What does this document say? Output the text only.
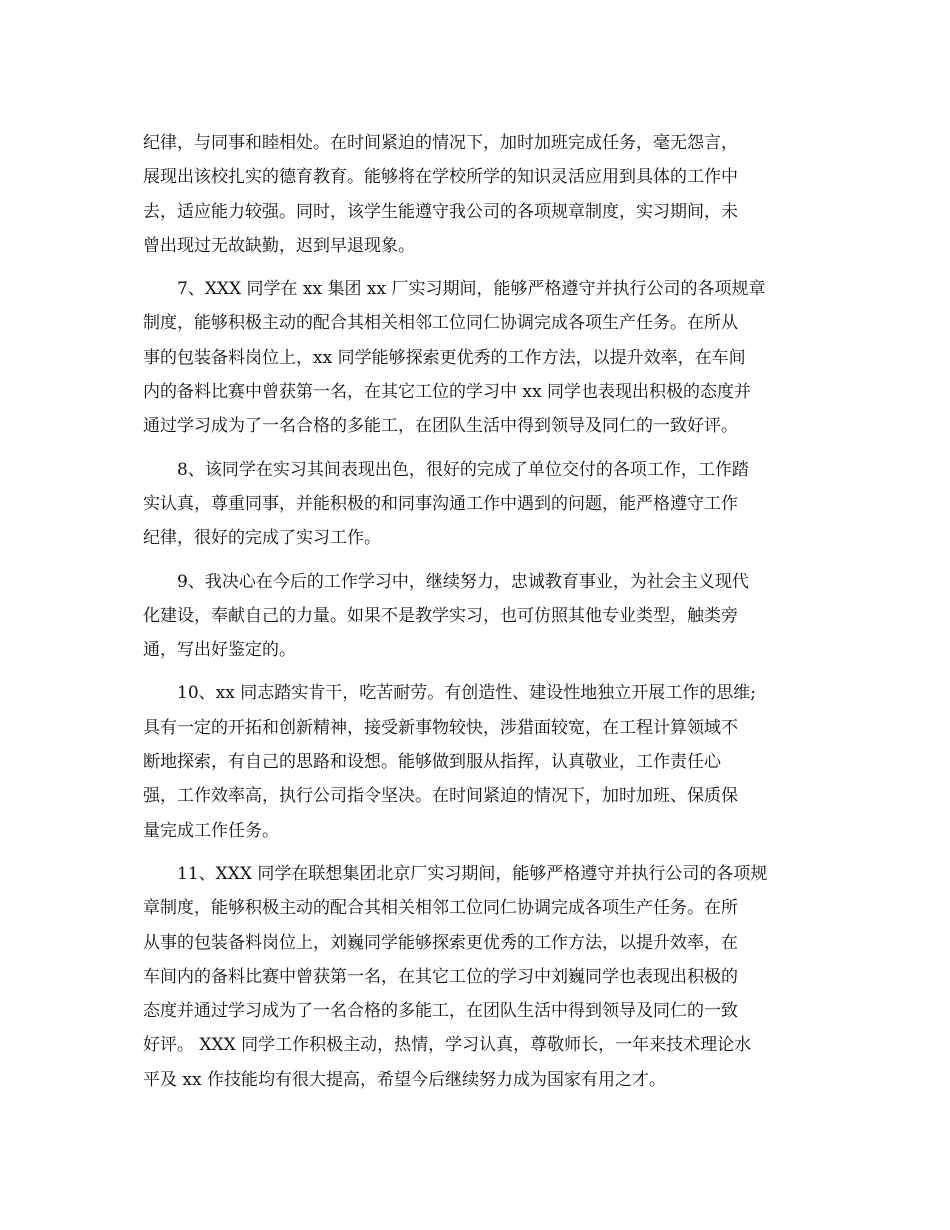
纪律，与同事和睦相处。在时间紧迫的情况下，加时加班完成任务，毫无怨言，
展现出该校扎实的德育教育。能够将在学校所学的知识灵活应用到具体的工作中
去，适应能力较强。同时，该学生能遵守我公司的各项规章制度，实习期间，未
曾出现过无故缺勤，迟到早退现象。
　　7、XXX 同学在 xx 集团 xx 厂实习期间，能够严格遵守并执行公司的各项规章
制度，能够积极主动的配合其相关相邻工位同仁协调完成各项生产任务。在所从
事的包装备料岗位上，xx 同学能够探索更优秀的工作方法，以提升效率，在车间
内的备料比赛中曾获第一名，在其它工位的学习中 xx 同学也表现出积极的态度并
通过学习成为了一名合格的多能工，在团队生活中得到领导及同仁的一致好评。
　　8、该同学在实习其间表现出色，很好的完成了单位交付的各项工作，工作踏
实认真，尊重同事，并能积极的和同事沟通工作中遇到的问题，能严格遵守工作
纪律，很好的完成了实习工作。
　　9、我决心在今后的工作学习中，继续努力，忠诚教育事业，为社会主义现代
化建设，奉献自己的力量。如果不是教学实习，也可仿照其他专业类型，触类旁
通，写出好鉴定的。
　　10、xx 同志踏实肯干，吃苦耐劳。有创造性、建设性地独立开展工作的思维;
具有一定的开拓和创新精神，接受新事物较快，涉猎面较宽，在工程计算领域不
断地探索，有自己的思路和设想。能够做到服从指挥，认真敬业，工作责任心
强，工作效率高，执行公司指令坚决。在时间紧迫的情况下，加时加班、保质保
量完成工作任务。
　　11、XXX 同学在联想集团北京厂实习期间，能够严格遵守并执行公司的各项规
章制度，能够积极主动的配合其相关相邻工位同仁协调完成各项生产任务。在所
从事的包装备料岗位上，刘巍同学能够探索更优秀的工作方法，以提升效率，在
车间内的备料比赛中曾获第一名，在其它工位的学习中刘巍同学也表现出积极的
态度并通过学习成为了一名合格的多能工，在团队生活中得到领导及同仁的一致
好评。 XXX 同学工作积极主动，热情，学习认真，尊敬师长，一年来技术理论水
平及 xx 作技能均有很大提高，希望今后继续努力成为国家有用之才。
